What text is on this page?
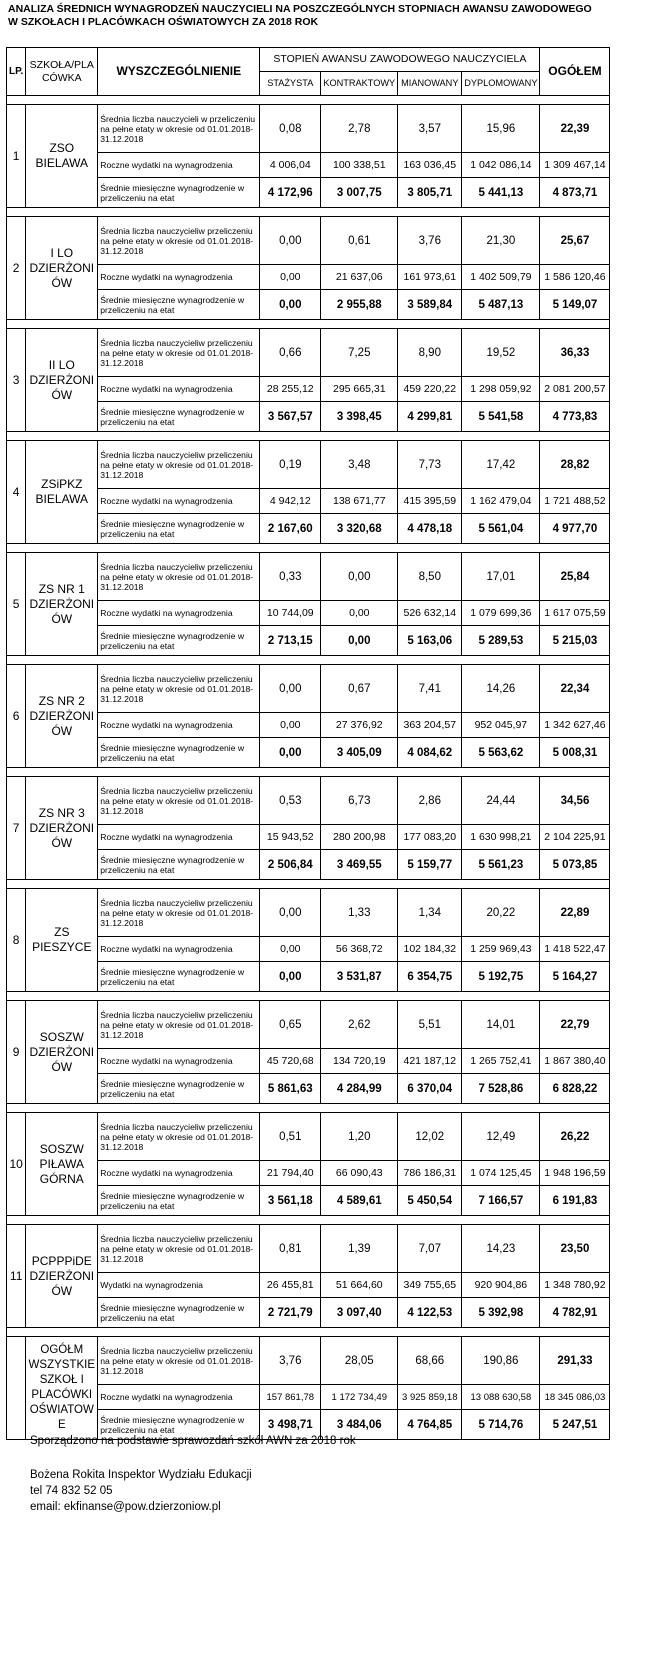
ANALIZA ŚREDNICH WYNAGRODZEŃ NAUCZYCIELI NA POSZCZEGÓLNYCH STOPNIACH AWANSU ZAWODOWEGO
W SZKOŁACH I PLACÓWKACH OŚWIATOWYCH ZA 2018 ROK
LP.	SZKOŁA/PLA CÓWKA	WYSZCZEGÓLNIENIE	STOPIEŃ AWANSU ZAWODOWEGO NAUCZYCIELA				OGÓŁEM
			STAŻYSTA	KONTRAKTOWY	MIANOWANY	DYPLOMOWANY	

1	ZSO BIELAWA	Średnia liczba nauczycieli w przeliczeniu na pełne etaty w okresie od 01.01.2018-31.12.2018	0,08	2,78	3,57	15,96	22,39
		Roczne wydatki na wynagrodzenia	4 006,04	100 338,51	163 036,45	1 042 086,14	1 309 467,14
		Średnie miesięczne wynagrodzenie w przeliczeniu na etat	4 172,96	3 007,75	3 805,71	5 441,13	4 873,71

2	I LO DZIERŻONI ÓW	Średnia liczba nauczycieliw przeliczeniu na pełne etaty w okresie od 01.01.2018-31.12.2018	0,00	0,61	3,76	21,30	25,67
		Roczne wydatki na wynagrodzenia	0,00	21 637,06	161 973,61	1 402 509,79	1 586 120,46
		Średnie miesięczne wynagrodzenie w przeliczeniu na etat	0,00	2 955,88	3 589,84	5 487,13	5 149,07

3	II LO DZIERŻONI ÓW	Średnia liczba nauczycieliw przeliczeniu na pełne etaty w okresie od 01.01.2018-31.12.2018	0,66	7,25	8,90	19,52	36,33
		Roczne wydatki na wynagrodzenia	28 255,12	295 665,31	459 220,22	1 298 059,92	2 081 200,57
		Średnie miesięczne wynagrodzenie w przeliczeniu na etat	3 567,57	3 398,45	4 299,81	5 541,58	4 773,83

4	ZSiPKZ BIELAWA	Średnia liczba nauczycieliw przeliczeniu na pełne etaty w okresie od 01.01.2018-31.12.2018	0,19	3,48	7,73	17,42	28,82
		Roczne wydatki na wynagrodzenia	4 942,12	138 671,77	415 395,59	1 162 479,04	1 721 488,52
		Średnie miesięczne wynagrodzenie w przeliczeniu na etat	2 167,60	3 320,68	4 478,18	5 561,04	4 977,70

5	ZS NR 1 DZIERŻONI ÓW	Średnia liczba nauczycieliw przeliczeniu na pełne etaty w okresie od 01.01.2018-31.12.2018	0,33	0,00	8,50	17,01	25,84
		Roczne wydatki na wynagrodzenia	10 744,09	0,00	526 632,14	1 079 699,36	1 617 075,59
		Średnie miesięczne wynagrodzenie w przeliczeniu na etat	2 713,15	0,00	5 163,06	5 289,53	5 215,03

6	ZS NR 2 DZIERŻONI ÓW	Średnia liczba nauczycieliw przeliczeniu na pełne etaty w okresie od 01.01.2018-31.12.2018	0,00	0,67	7,41	14,26	22,34
		Roczne wydatki na wynagrodzenia	0,00	27 376,92	363 204,57	952 045,97	1 342 627,46
		Średnie miesięczne wynagrodzenie w przeliczeniu na etat	0,00	3 405,09	4 084,62	5 563,62	5 008,31

7	ZS NR 3 DZIERŻONI ÓW	Średnia liczba nauczycieliw przeliczeniu na pełne etaty w okresie od 01.01.2018-31.12.2018	0,53	6,73	2,86	24,44	34,56
		Roczne wydatki na wynagrodzenia	15 943,52	280 200,98	177 083,20	1 630 998,21	2 104 225,91
		Średnie miesięczne wynagrodzenie w przeliczeniu na etat	2 506,84	3 469,55	5 159,77	5 561,23	5 073,85

8	ZS PIESZYCE	Średnia liczba nauczycieliw przeliczeniu na pełne etaty w okresie od 01.01.2018-31.12.2018	0,00	1,33	1,34	20,22	22,89
		Roczne wydatki na wynagrodzenia	0,00	56 368,72	102 184,32	1 259 969,43	1 418 522,47
		Średnie miesięczne wynagrodzenie w przeliczeniu na etat	0,00	3 531,87	6 354,75	5 192,75	5 164,27

9	SOSZW DZIERŻONI ÓW	Średnia liczba nauczycieliw przeliczeniu na pełne etaty w okresie od 01.01.2018-31.12.2018	0,65	2,62	5,51	14,01	22,79
		Roczne wydatki na wynagrodzenia	45 720,68	134 720,19	421 187,12	1 265 752,41	1 867 380,40
		Średnie miesięczne wynagrodzenie w przeliczeniu na etat	5 861,63	4 284,99	6 370,04	7 528,86	6 828,22

10	SOSZW PIŁAWA GÓRNA	Średnia liczba nauczycieliw przeliczeniu na pełne etaty w okresie od 01.01.2018-31.12.2018	0,51	1,20	12,02	12,49	26,22
		Roczne wydatki na wynagrodzenia	21 794,40	66 090,43	786 186,31	1 074 125,45	1 948 196,59
		Średnie miesięczne wynagrodzenie w przeliczeniu na etat	3 561,18	4 589,61	5 450,54	7 166,57	6 191,83

11	PCPPPiDE DZIERŻONI ÓW	Średnia liczba nauczycieliw przeliczeniu na pełne etaty w okresie od 01.01.2018-31.12.2018	0,81	1,39	7,07	14,23	23,50
		Wydatki na wynagrodzenia	26 455,81	51 664,60	349 755,65	920 904,86	1 348 780,92
		Średnie miesięczne wynagrodzenie w przeliczeniu na etat	2 721,79	3 097,40	4 122,53	5 392,98	4 782,91

	OGÓŁM WSZYSTKIE SZKOŁ I PLACÓWKI OŚWIATOW E	Średnia liczba nauczycieliw przeliczeniu na pełne etaty w okresie od 01.01.2018-31.12.2018	3,76	28,05	68,66	190,86	291,33
		Roczne wydatki na wynagrodzenia	157 861,78	1 172 734,49	3 925 859,18	13 088 630,58	18 345 086,03
		Średnie miesięczne wynagrodzenie w przeliczeniu na etat	3 498,71	3 484,06	4 764,85	5 714,76	5 247,51
Sporządzono na podstawie sprawozdań szkół AWN za 2018 rok
Bożena Rokita Inspektor Wydziału Edukacji
tel 74 832 52 05
email: ekfinanse@pow.dzierzoniow.pl
